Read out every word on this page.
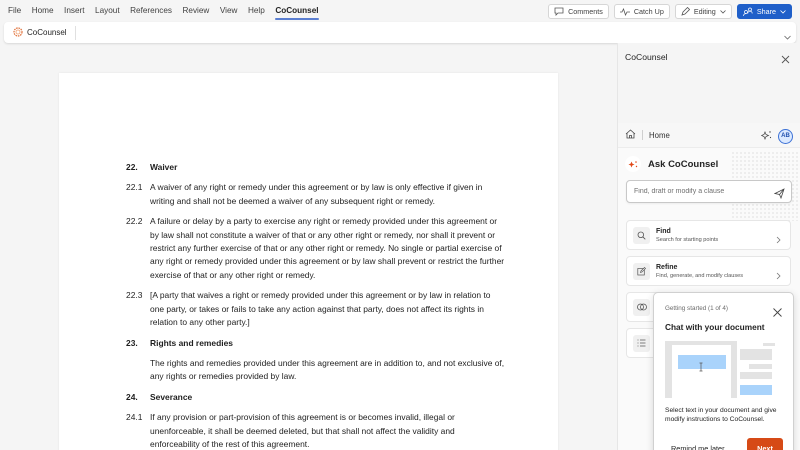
File Home Insert Layout References Review View Help CoCounsel	Comments	Catch Up	Editing	Share
CoCounsel
22.	Waiver
22.1 A waiver of any right or remedy under this agreement or by law is only effective if given in writing and shall not be deemed a waiver of any subsequent right or remedy.
22.2 A failure or delay by a party to exercise any right or remedy provided under this agreement or by law shall not constitute a waiver of that or any other right or remedy, nor shall it prevent or restrict any further exercise of that or any other right or remedy. No single or partial exercise of any right or remedy provided under this agreement or by law shall prevent or restrict the further exercise of that or any other right or remedy.
22.3 [A party that waives a right or remedy provided under this agreement or by law in relation to one party, or takes or fails to take any action against that party, does not affect its rights in relation to any other party.]
23.	Rights and remedies
The rights and remedies provided under this agreement are in addition to, and not exclusive of, any rights or remedies provided by law.
24.	Severance
24.1 If any provision or part-provision of this agreement is or becomes invalid, illegal or unenforceable, it shall be deemed deleted, but that shall not affect the validity and enforceability of the rest of this agreement.
CoCounsel
Home	AB
Ask CoCounsel
Find, draft or modify a clause
Find
Search for starting points
Refine
Find, generate, and modify clauses
Getting started (1 of 4)
Chat with your document
Select text in your document and give modify instructions to CoCounsel.
Remind me later	Next
